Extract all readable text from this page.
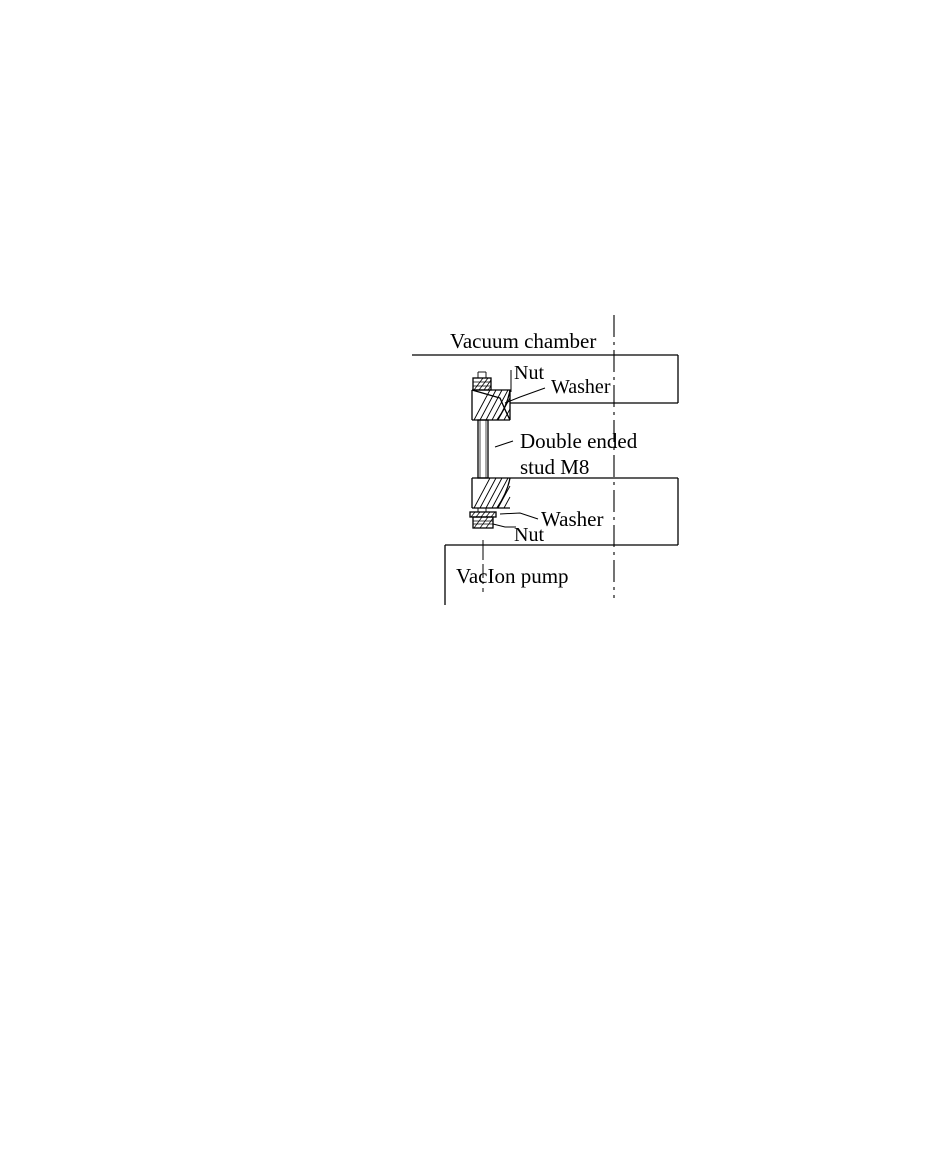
Vacuum chamber
Nut
Washer
Double ended
stud M8
Washer
Nut
VacIon pump
